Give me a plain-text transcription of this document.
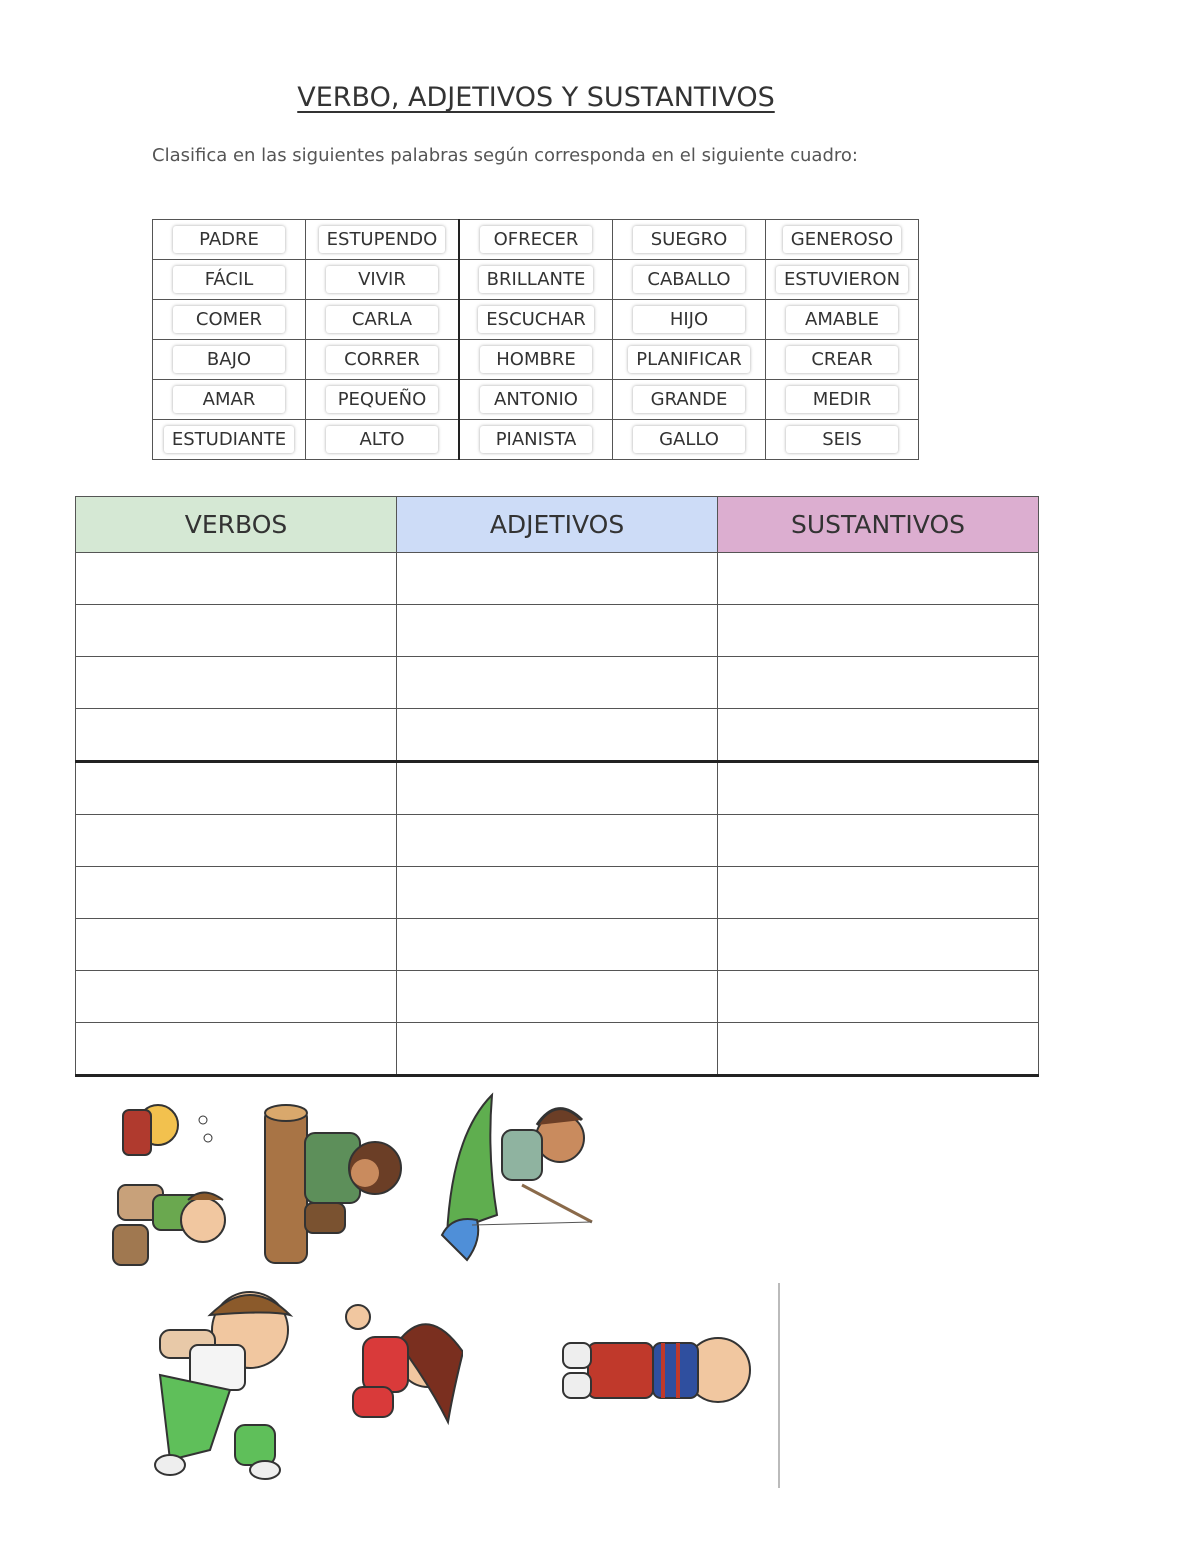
VERBO, ADJETIVOS Y SUSTANTIVOS
Clasifica en las siguientes palabras según corresponda en el siguiente cuadro:
PADRE	ESTUPENDO	OFRECER	SUEGRO	GENEROSO
FÁCIL	VIVIR	BRILLANTE	CABALLO	ESTUVIERON
COMER	CARLA	ESCUCHAR	HIJO	AMABLE
BAJO	CORRER	HOMBRE	PLANIFICAR	CREAR
AMAR	PEQUEÑO	ANTONIO	GRANDE	MEDIR
ESTUDIANTE	ALTO	PIANISTA	GALLO	SEIS
VERBOS	ADJETIVOS	SUSTANTIVOS
